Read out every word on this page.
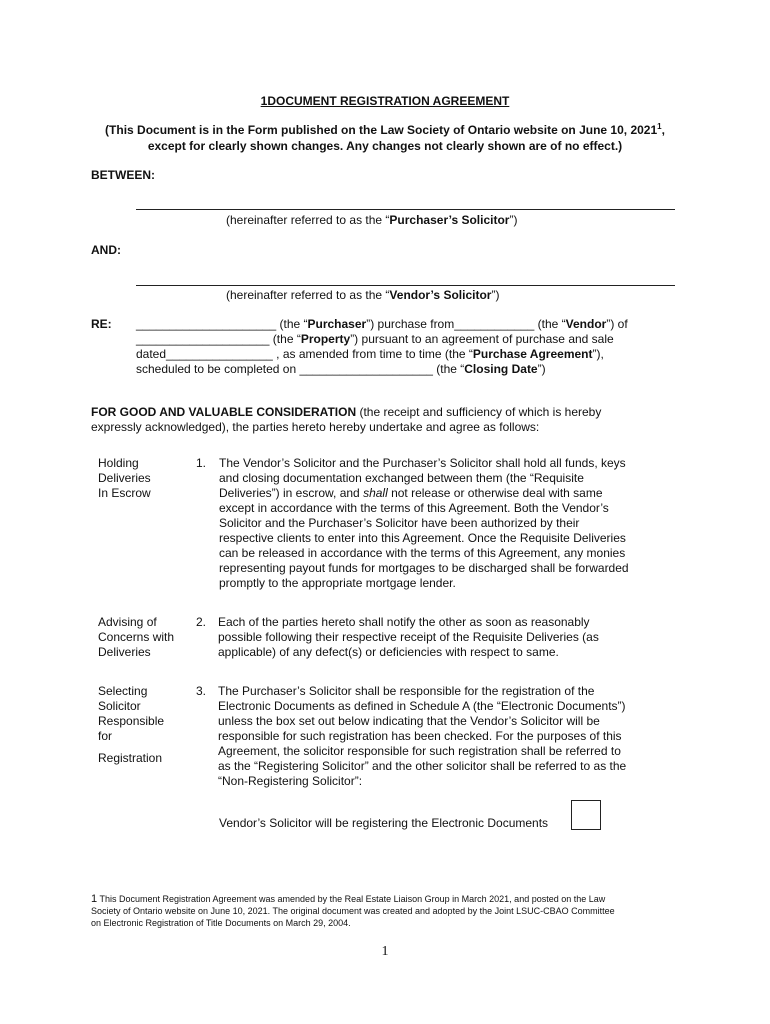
1DOCUMENT REGISTRATION AGREEMENT
(This Document is in the Form published on the Law Society of Ontario website on June 10, 2021$^1$,
except for clearly shown changes. Any changes not clearly shown are of no effect.)
BETWEEN:
(hereinafter referred to as the “Purchaser’s Solicitor”)
AND:
(hereinafter referred to as the “Vendor’s Solicitor”)
RE: _____________________ (the “Purchaser”) purchase from____________ (the “Vendor”) of
____________________ (the “Property”) pursuant to an agreement of purchase and sale
dated________________ , as amended from time to time (the “Purchase Agreement”),
scheduled to be completed on ____________________ (the “Closing Date”)
FOR GOOD AND VALUABLE CONSIDERATION (the receipt and sufficiency of which is hereby
expressly acknowledged), the parties hereto hereby undertake and agree as follows:
Holding
Deliveries
In Escrow
1. The Vendor’s Solicitor and the Purchaser’s Solicitor shall hold all funds, keys
and closing documentation exchanged between them (the “Requisite
Deliveries”) in escrow, and shall not release or otherwise deal with same
except in accordance with the terms of this Agreement. Both the Vendor’s
Solicitor and the Purchaser’s Solicitor have been authorized by their
respective clients to enter into this Agreement. Once the Requisite Deliveries
can be released in accordance with the terms of this Agreement, any monies
representing payout funds for mortgages to be discharged shall be forwarded
promptly to the appropriate mortgage lender.
Advising of
Concerns with
Deliveries
2. Each of the parties hereto shall notify the other as soon as reasonably
possible following their respective receipt of the Requisite Deliveries (as
applicable) of any defect(s) or deficiencies with respect to same.
Selecting
Solicitor
Responsible
for
Registration
3. The Purchaser’s Solicitor shall be responsible for the registration of the
Electronic Documents as defined in Schedule A (the “Electronic Documents”)
unless the box set out below indicating that the Vendor’s Solicitor will be
responsible for such registration has been checked. For the purposes of this
Agreement, the solicitor responsible for such registration shall be referred to
as the “Registering Solicitor” and the other solicitor shall be referred to as the
“Non-Registering Solicitor”:
Vendor’s Solicitor will be registering the Electronic Documents
1 This Document Registration Agreement was amended by the Real Estate Liaison Group in March 2021, and posted on the Law
Society of Ontario website on June 10, 2021. The original document was created and adopted by the Joint LSUC-CBAO Committee
on Electronic Registration of Title Documents on March 29, 2004.
1
